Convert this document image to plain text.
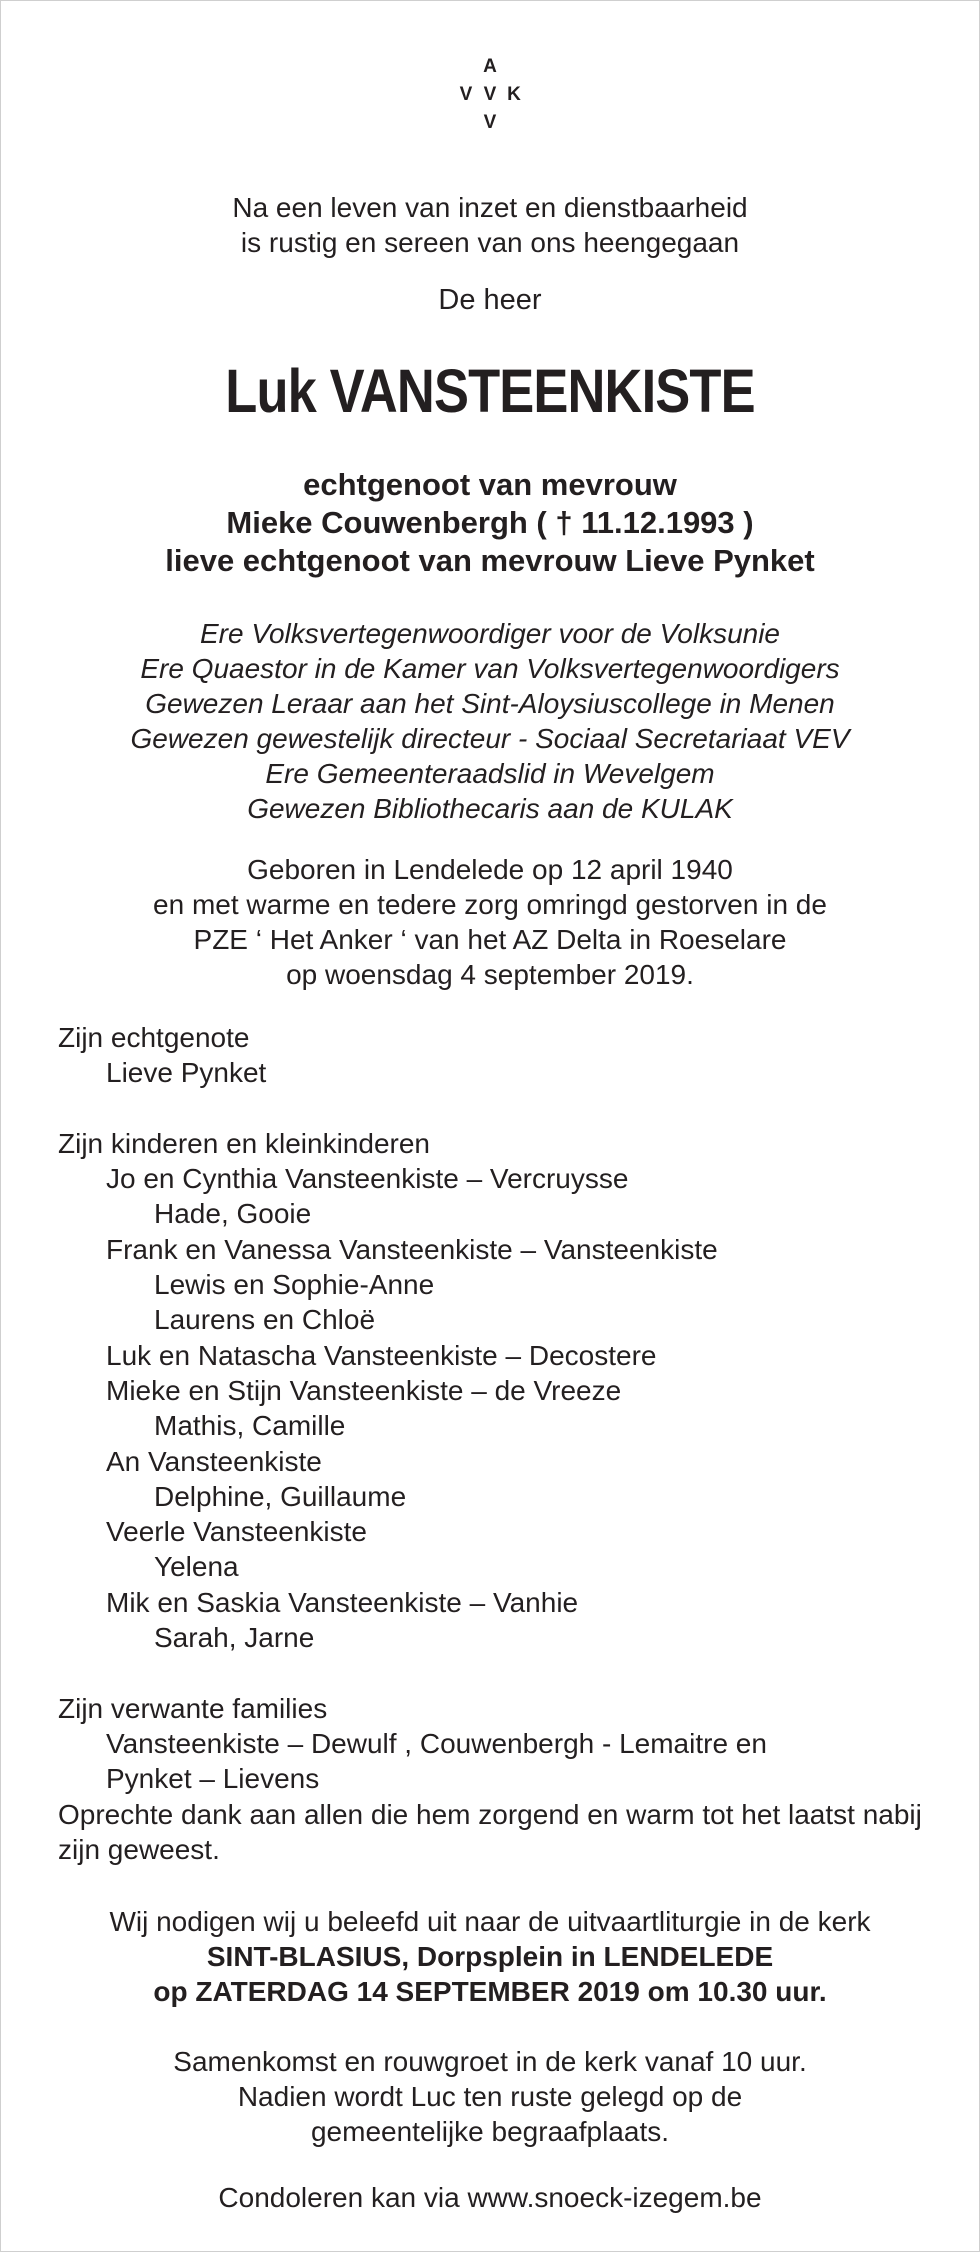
A
V V K
V
Na een leven van inzet en dienstbaarheid
is rustig en sereen van ons heengegaan
De heer
Luk VANSTEENKISTE
echtgenoot van mevrouw
Mieke Couwenbergh ( † 11.12.1993 )
lieve echtgenoot van mevrouw Lieve Pynket
Ere Volksvertegenwoordiger voor de Volksunie
Ere Quaestor in de Kamer van Volksvertegenwoordigers
Gewezen Leraar aan het Sint-Aloysiuscollege in Menen
Gewezen gewestelijk directeur - Sociaal Secretariaat VEV
Ere Gemeenteraadslid in Wevelgem
Gewezen Bibliothecaris aan de KULAK
Geboren in Lendelede op 12 april 1940
en met warme en tedere zorg omringd gestorven in de
PZE ‘ Het Anker ‘ van het AZ Delta in Roeselare
op woensdag 4 september 2019.
Zijn echtgenote
Lieve Pynket
Zijn kinderen en kleinkinderen
Jo en Cynthia Vansteenkiste – Vercruysse
Hade, Gooie
Frank en Vanessa Vansteenkiste – Vansteenkiste
Lewis en Sophie-Anne
Laurens en Chloë
Luk en Natascha Vansteenkiste – Decostere
Mieke en Stijn Vansteenkiste – de Vreeze
Mathis, Camille
An Vansteenkiste
Delphine, Guillaume
Veerle Vansteenkiste
Yelena
Mik en Saskia Vansteenkiste – Vanhie
Sarah, Jarne
Zijn verwante families
Vansteenkiste – Dewulf , Couwenbergh - Lemaitre en
Pynket – Lievens
Oprechte dank aan allen die hem zorgend en warm tot het laatst nabij zijn geweest.
Wij nodigen wij u beleefd uit naar de uitvaartliturgie in de kerk
SINT-BLASIUS, Dorpsplein in LENDELEDE
op ZATERDAG 14 SEPTEMBER 2019 om 10.30 uur.
Samenkomst en rouwgroet in de kerk vanaf 10 uur.
Nadien wordt Luc ten ruste gelegd op de
gemeentelijke begraafplaats.
Condoleren kan via www.snoeck-izegem.be
